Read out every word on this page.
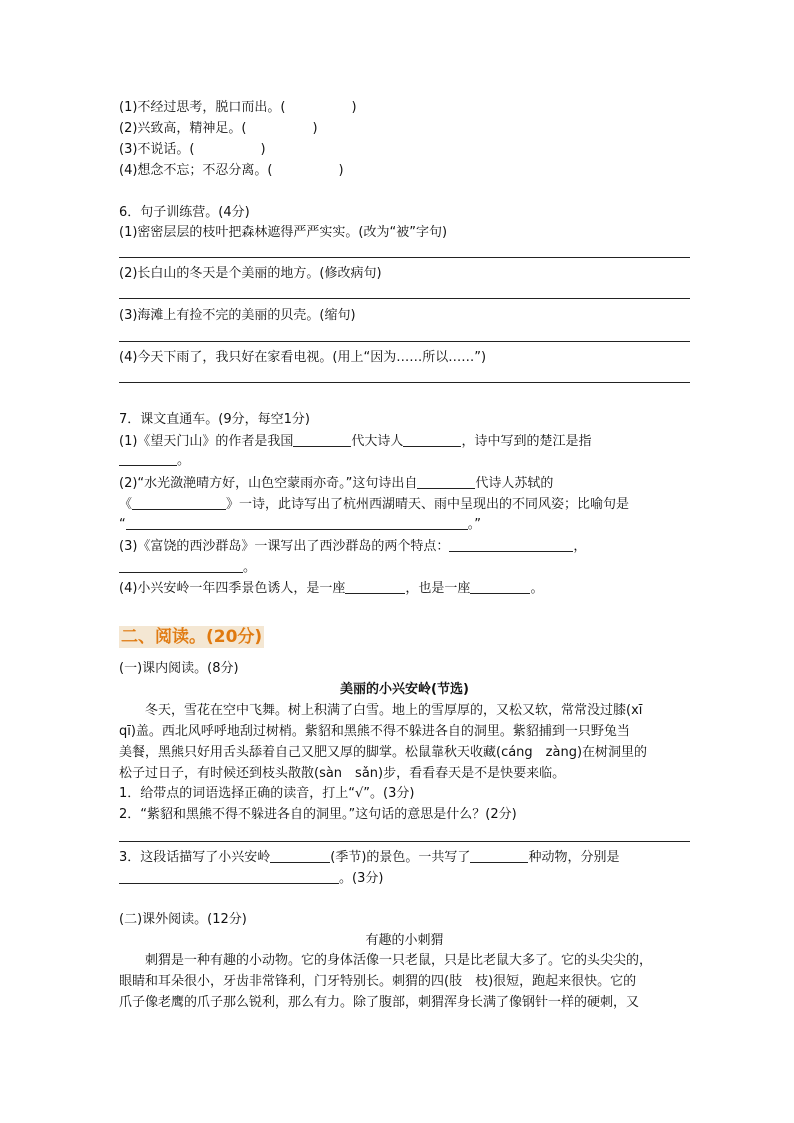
(1)不经过思考，脱口而出。(	)
(2)兴致高，精神足。(	)
(3)不说话。(	)
(4)想念不忘；不忍分离。(	)
6．句子训练营。(4分)
(1)密密层层的枝叶把森林遮得严严实实。(改为“被”字句)
(2)长白山的冬天是个美丽的地方。(修改病句)
(3)海滩上有捡不完的美丽的贝壳。(缩句)
(4)今天下雨了，我只好在家看电视。(用上“因为……所以……”)
7．课文直通车。(9分，每空1分)
(1)《望天门山》的作者是我国	代大诗人	，诗中写到的楚江是指
。
(2)“水光潋滟晴方好，山色空蒙雨亦奇。”这句诗出自	代诗人苏轼的
《	》一诗，此诗写出了杭州西湖晴天、雨中呈现出的不同风姿；比喻句是
“	。”
(3)《富饶的西沙群岛》一课写出了西沙群岛的两个特点：	，
。
(4)小兴安岭一年四季景色诱人，是一座	，也是一座	。
二、阅读。(20分)
(一)课内阅读。(8分)
美丽的小兴安岭(节选)
　　冬天，雪花在空中飞舞。树上积满了白雪。地上的雪厚厚的，又松又软，常常没过膝(xī
qī)盖。西北风呼呼地刮过树梢。紫貂和黑熊不得不躲进各自的洞里。紫貂捕到一只野兔当
美餐，黑熊只好用舌头舔着自己又肥又厚的脚掌。松鼠靠秋天收藏(cáng　zàng)在树洞里的
松子过日子，有时候还到枝头散散(sàn　sǎn)步，看看春天是不是快要来临。
1．给带点的词语选择正确的读音，打上“√”。(3分)
2．“紫貂和黑熊不得不躲进各自的洞里。”这句话的意思是什么？(2分)
3．这段话描写了小兴安岭	(季节)的景色。一共写了	种动物，分别是
。(3分)
(二)课外阅读。(12分)
有趣的小刺猬
　　刺猬是一种有趣的小动物。它的身体活像一只老鼠，只是比老鼠大多了。它的头尖尖的，
眼睛和耳朵很小，牙齿非常锋利，门牙特别长。刺猬的四(肢　枝)很短，跑起来很快。它的
爪子像老鹰的爪子那么锐利，那么有力。除了腹部，刺猬浑身长满了像钢针一样的硬刺，又
